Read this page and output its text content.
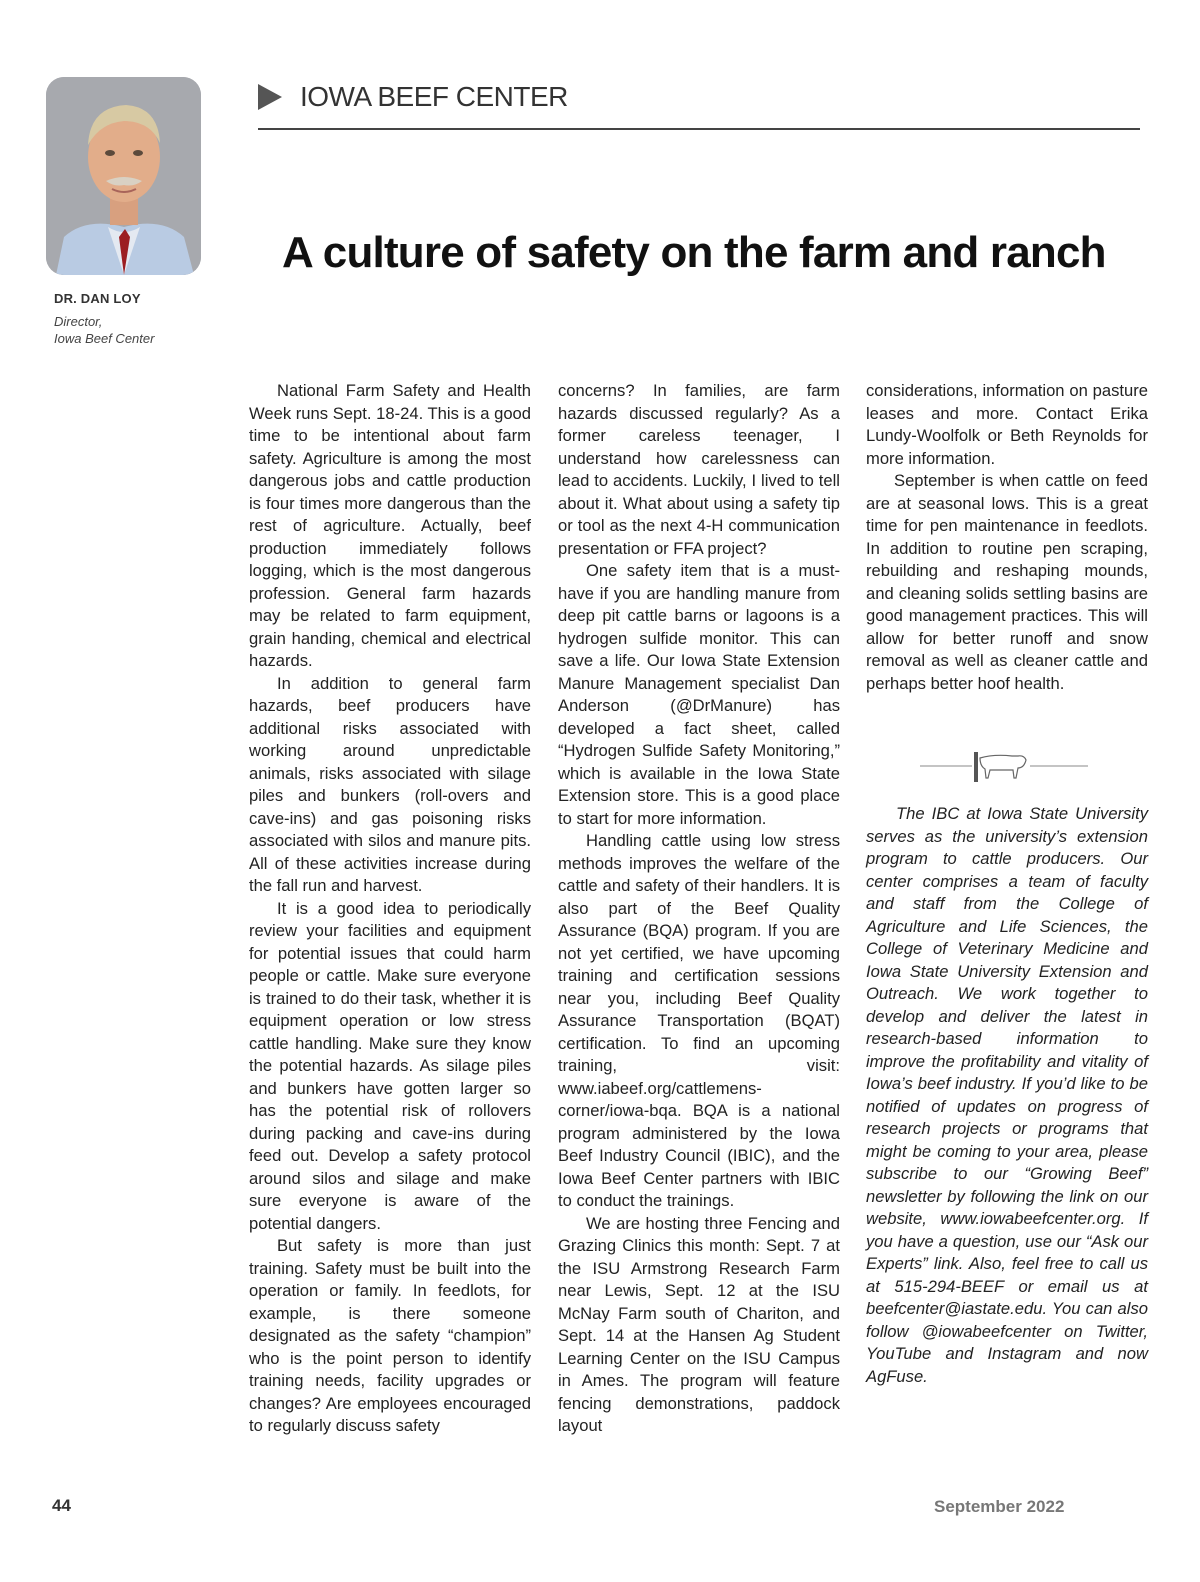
DR. DAN LOY
Director,
Iowa Beef Center
IOWA BEEF CENTER
A culture of safety on the farm and ranch

National Farm Safety and Health Week runs Sept. 18-24. This is a good time to be intentional about farm safety. Agriculture is among the most dangerous jobs and cattle production is four times more dangerous than the rest of agriculture. Actually, beef production immediately follows logging, which is the most dangerous profession. General farm hazards may be related to farm equipment, grain handing, chemical and electrical hazards.

In addition to general farm hazards, beef producers have additional risks associated with working around unpredictable animals, risks associated with silage piles and bunkers (roll-overs and cave-ins) and gas poisoning risks associated with silos and manure pits. All of these activities increase during the fall run and harvest.

It is a good idea to periodically review your facilities and equipment for potential issues that could harm people or cattle. Make sure everyone is trained to do their task, whether it is equipment operation or low stress cattle handling. Make sure they know the potential hazards. As silage piles and bunkers have gotten larger so has the potential risk of rollovers during packing and cave-ins during feed out. Develop a safety protocol around silos and silage and make sure everyone is aware of the potential dangers.

But safety is more than just training. Safety must be built into the operation or family. In feedlots, for example, is there someone designated as the safety “champion” who is the point person to identify training needs, facility upgrades or changes? Are employees encouraged to regularly discuss safety

concerns? In families, are farm hazards discussed regularly? As a former careless teenager, I understand how carelessness can lead to accidents. Luckily, I lived to tell about it. What about using a safety tip or tool as the next 4-H communication presentation or FFA project?

One safety item that is a must-have if you are handling manure from deep pit cattle barns or lagoons is a hydrogen sulfide monitor. This can save a life. Our Iowa State Extension Manure Management specialist Dan Anderson (@DrManure) has developed a fact sheet, called “Hydrogen Sulfide Safety Monitoring,” which is available in the Iowa State Extension store. This is a good place to start for more information.

Handling cattle using low stress methods improves the welfare of the cattle and safety of their handlers. It is also part of the Beef Quality Assurance (BQA) program. If you are not yet certified, we have upcoming training and certification sessions near you, including Beef Quality Assurance Transportation (BQAT) certification. To find an upcoming training, visit: www.iabeef.org/cattlemens-corner/iowa-bqa. BQA is a national program administered by the Iowa Beef Industry Council (IBIC), and the Iowa Beef Center partners with IBIC to conduct the trainings.

We are hosting three Fencing and Grazing Clinics this month: Sept. 7 at the ISU Armstrong Research Farm near Lewis, Sept. 12 at the ISU McNay Farm south of Chariton, and Sept. 14 at the Hansen Ag Student Learning Center on the ISU Campus in Ames. The program will feature fencing demonstrations, paddock layout

considerations, information on pasture leases and more. Contact Erika Lundy-Woolfolk or Beth Reynolds for more information.

September is when cattle on feed are at seasonal lows. This is a great time for pen maintenance in feedlots. In addition to routine pen scraping, rebuilding and reshaping mounds, and cleaning solids settling basins are good management practices. This will allow for better runoff and snow removal as well as cleaner cattle and perhaps better hoof health.

The IBC at Iowa State University serves as the university’s extension program to cattle producers. Our center comprises a team of faculty and staff from the College of Agriculture and Life Sciences, the College of Veterinary Medicine and Iowa State University Extension and Outreach. We work together to develop and deliver the latest in research-based information to improve the profitability and vitality of Iowa’s beef industry. If you’d like to be notified of updates on progress of research projects or programs that might be coming to your area, please subscribe to our “Growing Beef” newsletter by following the link on our website, www.iowabeefcenter.org. If you have a question, use our “Ask our Experts” link. Also, feel free to call us at 515-294-BEEF or email us at beefcenter@iastate.edu. You can also follow @iowabeefcenter on Twitter, YouTube and Instagram and now AgFuse.

44	September 2022
